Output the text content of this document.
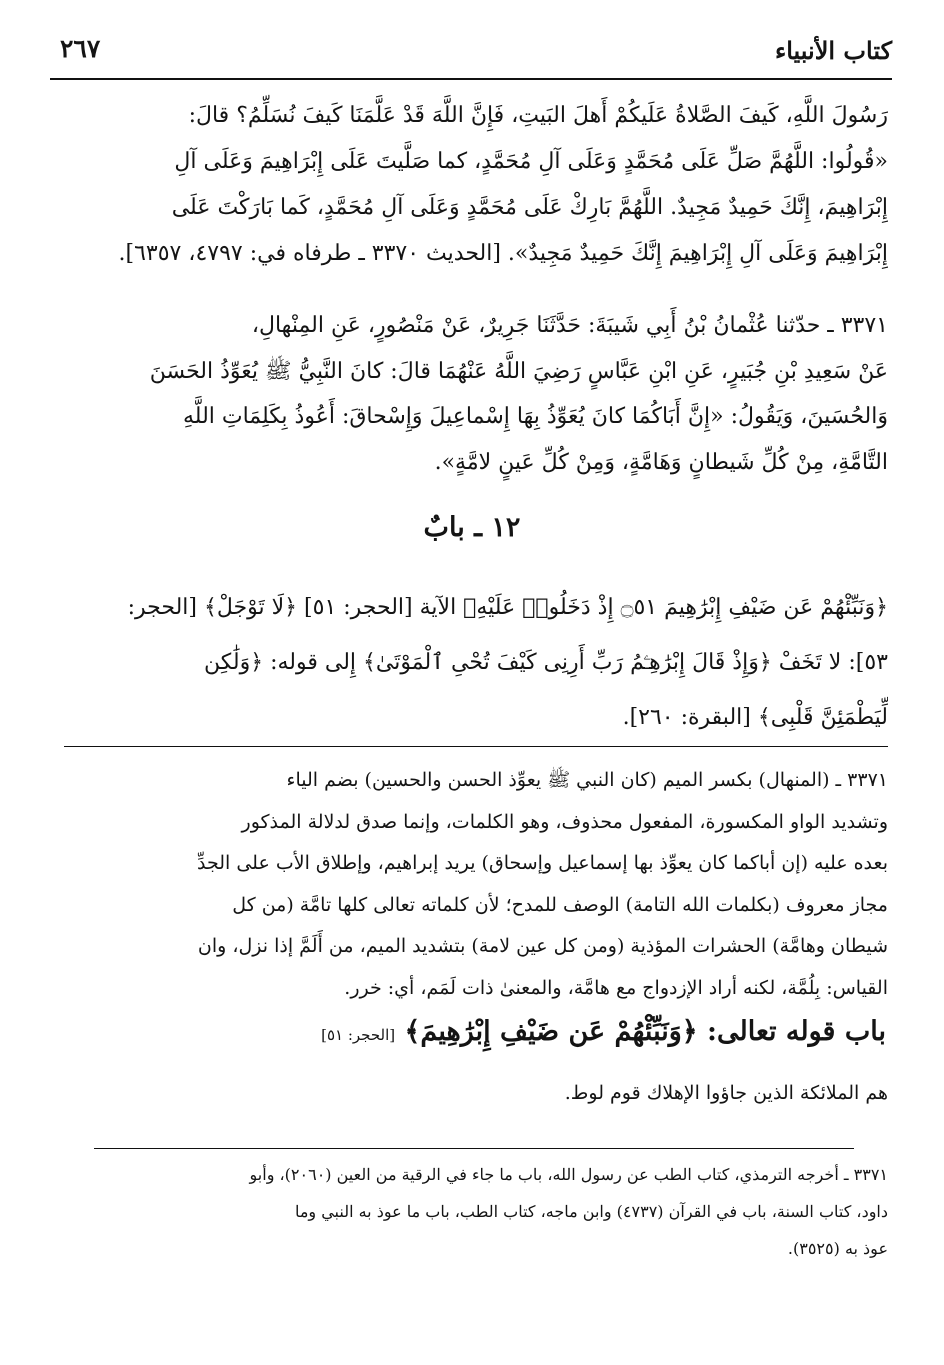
كتاب الأنبياء
٢٦٧
رَسُولَ اللَّهِ، كَيفَ الصَّلاةُ عَلَيكُمْ أَهلَ البَيتِ، فَإِنَّ اللَّهَ قَدْ عَلَّمَنَا كَيفَ نُسَلِّمُ؟ قالَ:
«قُولُوا: اللَّهُمَّ صَلِّ عَلَى مُحَمَّدٍ وَعَلَى آلِ مُحَمَّدٍ، كما صَلَّيتَ عَلَى إِبْرَاهِيمَ وَعَلَى آلِ
إِبْرَاهِيمَ، إِنَّكَ حَمِيدٌ مَجِيدٌ. اللَّهُمَّ بَارِكْ عَلَى مُحَمَّدٍ وَعَلَى آلِ مُحَمَّدٍ، كَما بَارَكْتَ عَلَى
إِبْرَاهِيمَ وَعَلَى آلِ إِبْرَاهِيمَ إِنَّكَ حَمِيدٌ مَجِيدٌ». [الحديث ٣٣٧٠ ـ طرفاه في: ٤٧٩٧، ٦٣٥٧].
٣٣٧١ ـ حدّثنا عُثْمانُ بْنُ أَبِي شَيبَةَ: حَدَّثَنَا جَرِيرٌ، عَنْ مَنْصُورٍ، عَنِ المِنْهالِ،
عَنْ سَعِيدِ بْنِ جُبَيرٍ، عَنِ ابْنِ عَبَّاسٍ رَضِيَ اللَّهُ عَنْهُمَا قالَ: كانَ النَّبِيُّ ﷺ يُعَوِّذُ الحَسَنَ
وَالحُسَينَ، وَيَقُولُ: «إِنَّ أَبَاكُمَا كانَ يُعَوِّذُ بِهَا إِسْماعِيلَ وَإِسْحاقَ: أَعُوذُ بِكَلِمَاتِ اللَّهِ
التَّامَّةِ، مِنْ كُلِّ شَيطانٍ وَهَامَّةٍ، وَمِنْ كُلِّ عَينٍ لامَّةٍ».
١٢ ـ بابٌ
﴿وَنَبِّئْهُمْ عَن ضَيْفِ إِبْرَٰهِيمَ ۝٥١ إِذْ دَخَلُوا۟ عَلَيْهِ﴾ الآية [الحجر: ٥١] ﴿لَا تَوْجَلْ﴾ [الحجر:
٥٣]: لا تَخَفْ ﴿وَإِذْ قَالَ إِبْرَٰهِـۧمُ رَبِّ أَرِنِى كَيْفَ تُحْىِ ٱلْمَوْتَىٰ﴾ إِلى قوله: ﴿وَلَٰكِن
لِّيَطْمَئِنَّ قَلْبِى﴾ [البقرة: ٢٦٠].
٣٣٧١ ـ (المنهال) بكسر الميم (كان النبي ﷺ يعوِّذ الحسن والحسين) بضم الياء
وتشديد الواو المكسورة، المفعول محذوف، وهو الكلمات، وإنما صدق لدلالة المذكور
بعده عليه (إن أباكما كان يعوِّذ بها إسماعيل وإسحاق) يريد إبراهيم، وإطلاق الأب على الجدِّ
مجاز معروف (بكلمات الله التامة) الوصف للمدح؛ لأن كلماته تعالى كلها تامَّة (من كل
شيطان وهامَّة) الحشرات المؤذية (ومن كل عين لامة) بتشديد الميم، من أَلَمَّ إذا نزل، وان
القياس: بِلُمَّة، لكنه أراد الإزدواج مع هامَّة، والمعنىٰ ذات لَمَم، أي: خرر.
باب قوله تعالى: ﴿وَنَبِّئْهُمْ عَن ضَيْفِ إِبْرَٰهِيمَ﴾ [الحجر: ٥١]
هم الملائكة الذين جاؤوا الإهلاك قوم لوط.
٣٣٧١ ـ أخرجه الترمذي، كتاب الطب عن رسول الله، باب ما جاء في الرقية من العين (٢٠٦٠)، وأبو
داود، كتاب السنة، باب في القرآن (٤٧٣٧) وابن ماجه، كتاب الطب، باب ما عوذ به النبي وما
عوذ به (٣٥٢٥).
